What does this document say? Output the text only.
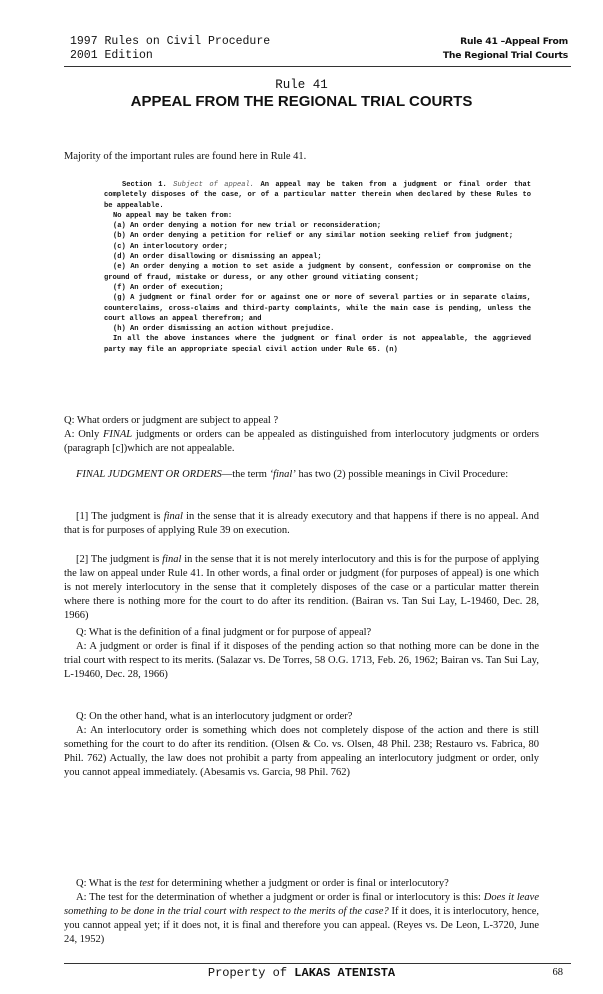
1997 Rules on Civil Procedure
2001 Edition
Rule 41 –Appeal From
The Regional Trial Courts
Rule 41
APPEAL FROM THE REGIONAL TRIAL COURTS

Majority of the important rules are found here in Rule 41.

Section 1. Subject of appeal. An appeal may be taken from a judgment or final order that completely disposes of the case, or of a particular matter therein when declared by these Rules to be appealable.

No appeal may be taken from:

(a) An order denying a motion for new trial or reconsideration;

(b) An order denying a petition for relief or any similar motion seeking relief from judgment;

(c) An interlocutory order;

(d) An order disallowing or dismissing an appeal;

(e) An order denying a motion to set aside a judgment by consent, confession or compromise on the ground of fraud, mistake or duress, or any other ground vitiating consent;

(f) An order of execution;

(g) A judgment or final order for or against one or more of several parties or in separate claims, counterclaims, cross-claims and third-party complaints, while the main case is pending, unless the court allows an appeal therefrom; and

(h) An order dismissing an action without prejudice.

In all the above instances where the judgment or final order is not appealable, the aggrieved party may file an appropriate special civil action under Rule 65. (n)

Q: What orders or judgment are subject to appeal ?

A: Only FINAL judgments or orders can be appealed as distinguished from interlocutory judgments or orders (paragraph [c])which are not appealable.

FINAL JUDGMENT OR ORDERS—the term ‘final’ has two (2) possible meanings in Civil Procedure:

[1] The judgment is final in the sense that it is already executory and that happens if there is no appeal. And that is for purposes of applying Rule 39 on execution.

[2] The judgment is final in the sense that it is not merely interlocutory and this is for the purpose of applying the law on appeal under Rule 41. In other words, a final order or judgment (for purposes of appeal) is one which is not merely interlocutory in the sense that it completely disposes of the case or a particular matter therein where there is nothing more for the court to do after its rendition. (Bairan vs. Tan Sui Lay, L-19460, Dec. 28, 1966)

Q: What is the definition of a final judgment or for purpose of appeal?

A: A judgment or order is final if it disposes of the pending action so that nothing more can be done in the trial court with respect to its merits. (Salazar vs. De Torres, 58 O.G. 1713, Feb. 26, 1962; Bairan vs. Tan Sui Lay, L-19460, Dec. 28, 1966)

Q: On the other hand, what is an interlocutory judgment or order?

A: An interlocutory order is something which does not completely dispose of the action and there is still something for the court to do after its rendition. (Olsen & Co. vs. Olsen, 48 Phil. 238; Restauro vs. Fabrica, 80 Phil. 762) Actually, the law does not prohibit a party from appealing an interlocutory judgment or order, only you cannot appeal immediately. (Abesamis vs. Garcia, 98 Phil. 762)

Q: What is the test for determining whether a judgment or order is final or interlocutory?

A: The test for the determination of whether a judgment or order is final or interlocutory is this: Does it leave something to be done in the trial court with respect to the merits of the case? If it does, it is interlocutory, hence, you cannot appeal yet; if it does not, it is final and therefore you can appeal. (Reyes vs. De Leon, L-3720, June 24, 1952)

Property of LAKAS ATENISTA	68
